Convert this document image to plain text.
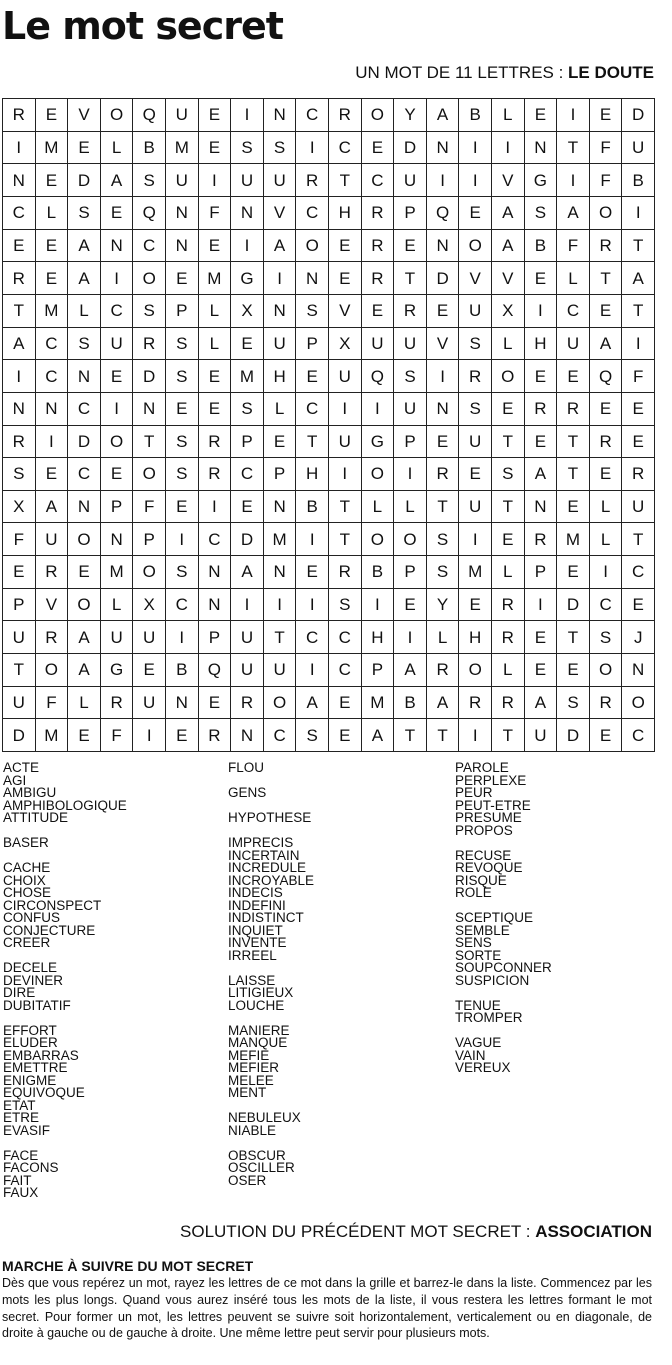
Le mot secret
UN MOT DE 11 LETTRES : LE DOUTE
R	E	V	O	Q	U	E	I	N	C	R	O	Y	A	B	L	E	I	E	D
I	M	E	L	B	M	E	S	S	I	C	E	D	N	I	I	N	T	F	U
N	E	D	A	S	U	I	U	U	R	T	C	U	I	I	V	G	I	F	B
C	L	S	E	Q	N	F	N	V	C	H	R	P	Q	E	A	S	A	O	I
E	E	A	N	C	N	E	I	A	O	E	R	E	N	O	A	B	F	R	T
R	E	A	I	O	E	M	G	I	N	E	R	T	D	V	V	E	L	T	A
T	M	L	C	S	P	L	X	N	S	V	E	R	E	U	X	I	C	E	T
A	C	S	U	R	S	L	E	U	P	X	U	U	V	S	L	H	U	A	I
I	C	N	E	D	S	E	M	H	E	U	Q	S	I	R	O	E	E	Q	F
N	N	C	I	N	E	E	S	L	C	I	I	U	N	S	E	R	R	E	E
R	I	D	O	T	S	R	P	E	T	U	G	P	E	U	T	E	T	R	E
S	E	C	E	O	S	R	C	P	H	I	O	I	R	E	S	A	T	E	R
X	A	N	P	F	E	I	E	N	B	T	L	L	T	U	T	N	E	L	U
F	U	O	N	P	I	C	D	M	I	T	O	O	S	I	E	R	M	L	T
E	R	E	M	O	S	N	A	N	E	R	B	P	S	M	L	P	E	I	C
P	V	O	L	X	C	N	I	I	I	S	I	E	Y	E	R	I	D	C	E
U	R	A	U	U	I	P	U	T	C	C	H	I	L	H	R	E	T	S	J
T	O	A	G	E	B	Q	U	U	I	C	P	A	R	O	L	E	E	O	N
U	F	L	R	U	N	E	R	O	A	E	M	B	A	R	R	A	S	R	O
D	M	E	F	I	E	R	N	C	S	E	A	T	T	I	T	U	D	E	C
ACTE
AGI
AMBIGU
AMPHIBOLOGIQUE
ATTITUDE
BASER
CACHE
CHOIX
CHOSE
CIRCONSPECT
CONFUS
CONJECTURE
CREER
DECELE
DEVINER
DIRE
DUBITATIF
EFFORT
ELUDER
EMBARRAS
EMETTRE
ENIGME
EQUIVOQUE
ETAT
ETRE
EVASIF
FACE
FACONS
FAIT
FAUX
FLOU
GENS
HYPOTHESE
IMPRECIS
INCERTAIN
INCREDULE
INCROYABLE
INDECIS
INDEFINI
INDISTINCT
INQUIET
INVENTE
IRREEL
LAISSE
LITIGIEUX
LOUCHE
MANIERE
MANQUE
MEFIE
MEFIER
MELEE
MENT
NEBULEUX
NIABLE
OBSCUR
OSCILLER
OSER
PAROLE
PERPLEXE
PEUR
PEUT-ETRE
PRESUME
PROPOS
RECUSE
REVOQUE
RISQUE
ROLE
SCEPTIQUE
SEMBLE
SENS
SORTE
SOUPCONNER
SUSPICION
TENUE
TROMPER
VAGUE
VAIN
VEREUX
SOLUTION DU PRÉCÉDENT MOT SECRET : ASSOCIATION
MARCHE À SUIVRE DU MOT SECRET
Dès que vous repérez un mot, rayez les lettres de ce mot dans la grille et barrez-le dans la liste. Commencez par les mots les plus longs. Quand vous aurez inséré tous les mots de la liste, il vous restera les lettres formant le mot secret. Pour former un mot, les lettres peuvent se suivre soit horizontalement, verticalement ou en diagonale, de droite à gauche ou de gauche à droite. Une même lettre peut servir pour plusieurs mots.
